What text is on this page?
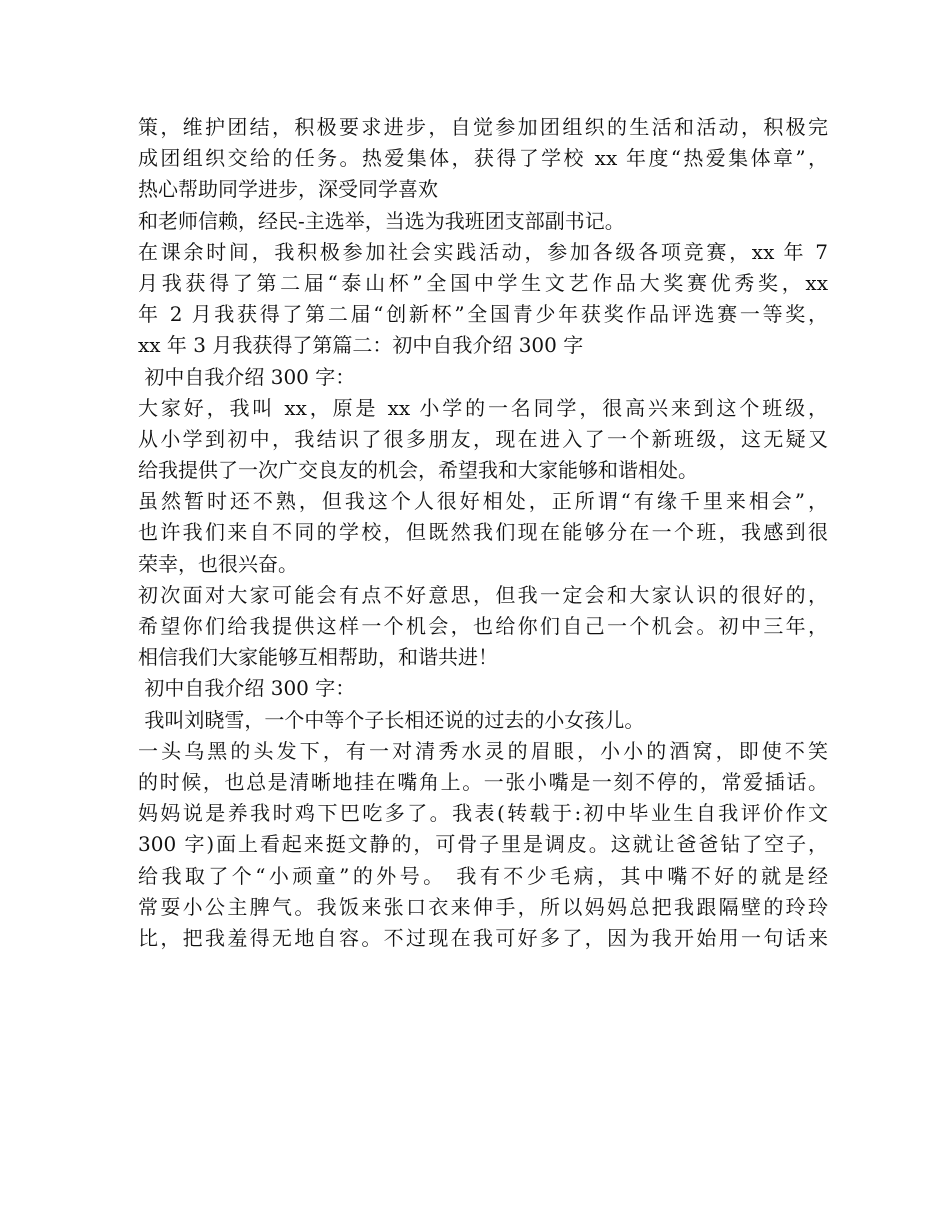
策，维护团结，积极要求进步，自觉参加团组织的生活和活动，积极完
成团组织交给的任务。热爱集体，获得了学校 xx 年度“热爱集体章”，
热心帮助同学进步，深受同学喜欢
和老师信赖，经民-主选举，当选为我班团支部副书记。
在课余时间，我积极参加社会实践活动，参加各级各项竞赛，xx 年 7
月我获得了第二届“泰山杯”全国中学生文艺作品大奖赛优秀奖，xx
年 2 月我获得了第二届“创新杯”全国青少年获奖作品评选赛一等奖，
xx 年 3 月我获得了第篇二：初中自我介绍 300 字
初中自我介绍 300 字：
大家好，我叫 xx，原是 xx 小学的一名同学，很高兴来到这个班级，
从小学到初中，我结识了很多朋友，现在进入了一个新班级，这无疑又
给我提供了一次广交良友的机会，希望我和大家能够和谐相处。
虽然暂时还不熟，但我这个人很好相处，正所谓“有缘千里来相会”，
也许我们来自不同的学校，但既然我们现在能够分在一个班，我感到很
荣幸，也很兴奋。
初次面对大家可能会有点不好意思，但我一定会和大家认识的很好的，
希望你们给我提供这样一个机会，也给你们自己一个机会。初中三年，
相信我们大家能够互相帮助，和谐共进！
初中自我介绍 300 字：
我叫刘晓雪，一个中等个子长相还说的过去的小女孩儿。
一头乌黑的头发下，有一对清秀水灵的眉眼，小小的酒窝，即使不笑
的时候，也总是清晰地挂在嘴角上。一张小嘴是一刻不停的，常爱插话。
妈妈说是养我时鸡下巴吃多了。我表(转载于:初中毕业生自我评价作文
300 字)面上看起来挺文静的，可骨子里是调皮。这就让爸爸钻了空子，
给我取了个“小顽童”的外号。 我有不少毛病，其中嘴不好的就是经
常耍小公主脾气。我饭来张口衣来伸手，所以妈妈总把我跟隔壁的玲玲
比，把我羞得无地自容。不过现在我可好多了，因为我开始用一句话来
